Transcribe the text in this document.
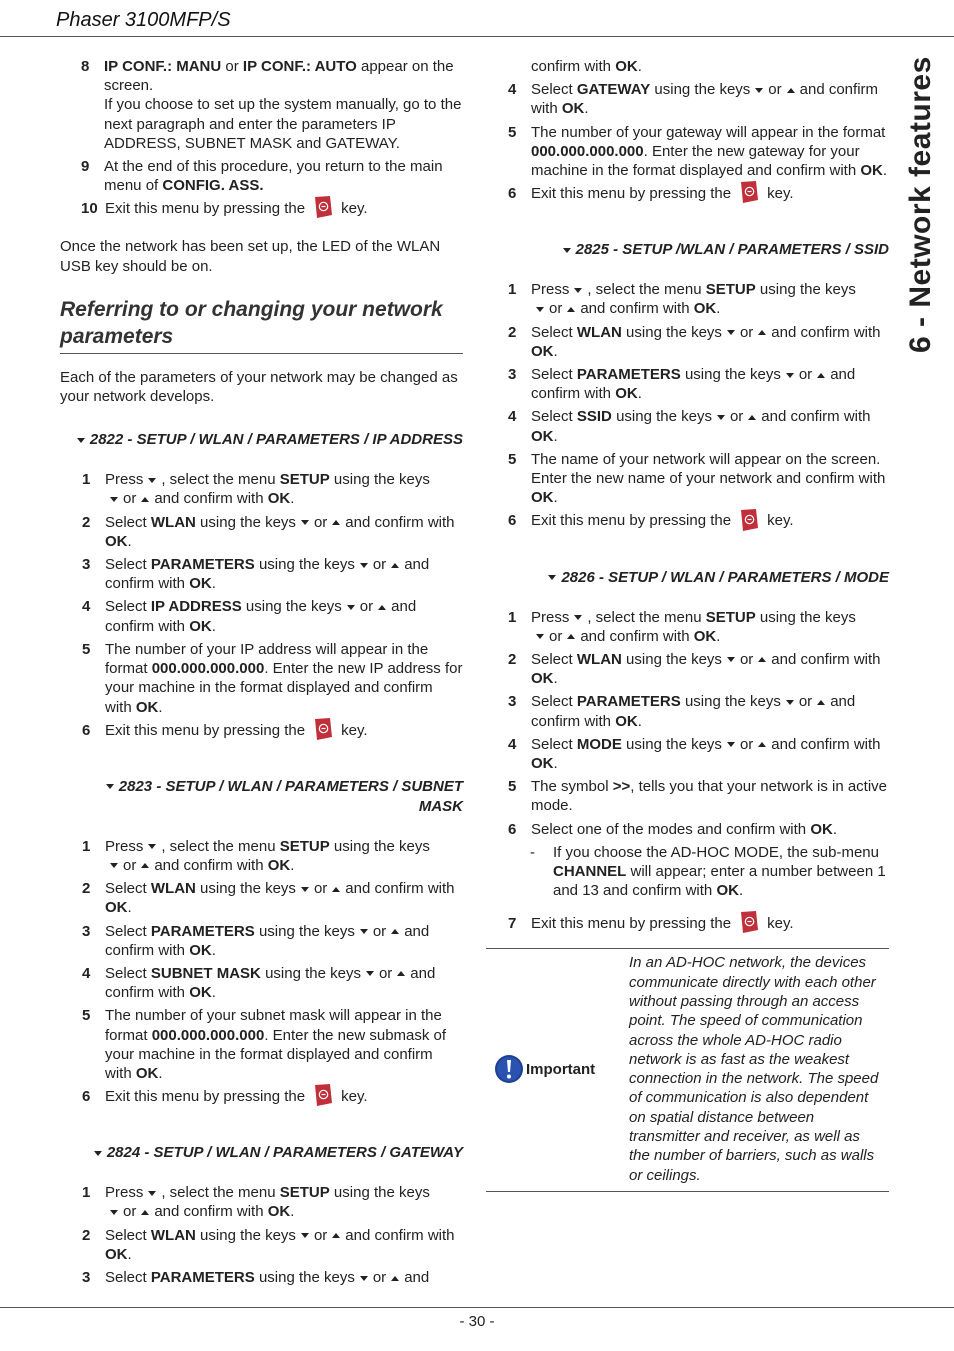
Phaser 3100MFP/S
6 - Network features
8 IP CONF.: MANU or IP CONF.: AUTO appear on the screen.
If you choose to set up the system manually, go to the next paragraph and enter the parameters IP ADDRESS, SUBNET MASK and GATEWAY.
9 At the end of this procedure, you return to the main menu of CONFIG. ASS.
10 Exit this menu by pressing the key.
Once the network has been set up, the LED of the WLAN USB key should be on.
Referring to or changing your network parameters
Each of the parameters of your network may be changed as your network develops.
2822 - SETUP / WLAN / PARAMETERS / IP ADDRESS
1 Press , select the menu SETUP using the keys
or and confirm with OK.
2 Select WLAN using the keys or and confirm with OK.
3 Select PARAMETERS using the keys or and confirm with OK.
4 Select IP ADDRESS using the keys or and confirm with OK.
5 The number of your IP address will appear in the format 000.000.000.000. Enter the new IP address for your machine in the format displayed and confirm with OK.
6 Exit this menu by pressing the key.
2823 - SETUP / WLAN / PARAMETERS / SUBNET MASK
1 Press , select the menu SETUP using the keys
or and confirm with OK.
2 Select WLAN using the keys or and confirm with OK.
3 Select PARAMETERS using the keys or and confirm with OK.
4 Select SUBNET MASK using the keys or and confirm with OK.
5 The number of your subnet mask will appear in the format 000.000.000.000. Enter the new submask of your machine in the format displayed and confirm with OK.
6 Exit this menu by pressing the key.
2824 - SETUP / WLAN / PARAMETERS / GATEWAY
1 Press , select the menu SETUP using the keys
or and confirm with OK.
2 Select WLAN using the keys or and confirm with OK.
3 Select PARAMETERS using the keys or and
confirm with OK.
4 Select GATEWAY using the keys or and confirm with OK.
5 The number of your gateway will appear in the format 000.000.000.000. Enter the new gateway for your machine in the format displayed and confirm with OK.
6 Exit this menu by pressing the key.
2825 - SETUP /WLAN / PARAMETERS / SSID
1 Press , select the menu SETUP using the keys
or and confirm with OK.
2 Select WLAN using the keys or and confirm with OK.
3 Select PARAMETERS using the keys or and confirm with OK.
4 Select SSID using the keys or and confirm with OK.
5 The name of your network will appear on the screen. Enter the new name of your network and confirm with OK.
6 Exit this menu by pressing the key.
2826 - SETUP / WLAN / PARAMETERS / MODE
1 Press , select the menu SETUP using the keys
or and confirm with OK.
2 Select WLAN using the keys or and confirm with OK.
3 Select PARAMETERS using the keys or and confirm with OK.
4 Select MODE using the keys or and confirm with OK.
5 The symbol >>, tells you that your network is in active mode.
6 Select one of the modes and confirm with OK.
-	If you choose the AD-HOC MODE, the sub-menu CHANNEL will appear; enter a number between 1 and 13 and confirm with OK.
7 Exit this menu by pressing the key.
Important
In an AD-HOC network, the devices communicate directly with each other without passing through an access point. The speed of communication across the whole AD-HOC radio network is as fast as the weakest connection in the network. The speed of communication is also dependent on spatial distance between transmitter and receiver, as well as the number of barriers, such as walls or ceilings.
- 30 -
